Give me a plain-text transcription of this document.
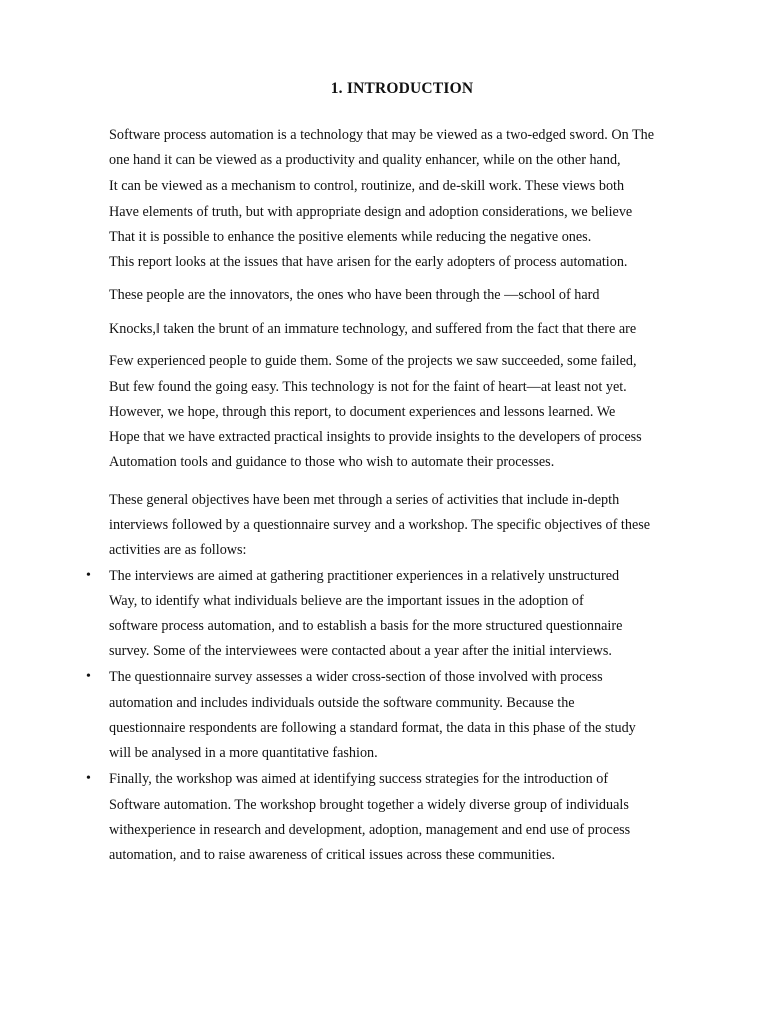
1. INTRODUCTION
Software process automation is a technology that may be viewed as a two-edged sword. On The
one hand it can be viewed as a productivity and quality enhancer, while on the other hand,
It can be viewed as a mechanism to control, routinize, and de-skill work. These views both
Have elements of truth, but with appropriate design and adoption considerations, we believe
That it is possible to enhance the positive elements while reducing the negative ones.
This report looks at the issues that have arisen for the early adopters of process automation.
These people are the innovators, the ones who have been through the ―school of hard
Knocks,‖ taken the brunt of an immature technology, and suffered from the fact that there are
Few experienced people to guide them. Some of the projects we saw succeeded, some failed,
But few found the going easy. This technology is not for the faint of heart—at least not yet.
However, we hope, through this report, to document experiences and lessons learned. We
Hope that we have extracted practical insights to provide insights to the developers of process
Automation tools and guidance to those who wish to automate their processes.
These general objectives have been met through a series of activities that include in-depth
interviews followed by a questionnaire survey and a workshop. The specific objectives of these
activities are as follows:
• The interviews are aimed at gathering practitioner experiences in a relatively unstructured
Way, to identify what individuals believe are the important issues in the adoption of
software process automation, and to establish a basis for the more structured questionnaire
survey. Some of the interviewees were contacted about a year after the initial interviews.
• The questionnaire survey assesses a wider cross-section of those involved with process
automation and includes individuals outside the software community. Because the
questionnaire respondents are following a standard format, the data in this phase of the study
will be analysed in a more quantitative fashion.
• Finally, the workshop was aimed at identifying success strategies for the introduction of
Software automation. The workshop brought together a widely diverse group of individuals
withexperience in research and development, adoption, management and end use of process
automation, and to raise awareness of critical issues across these communities.
